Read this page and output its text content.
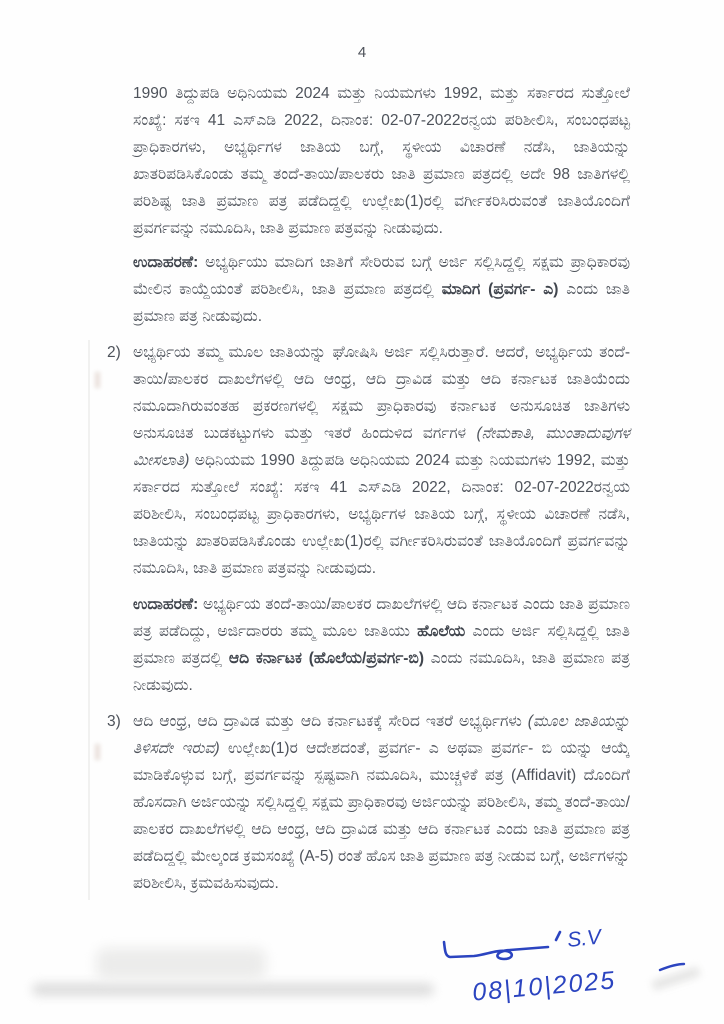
4

1990 ತಿದ್ದುಪಡಿ ಅಧಿನಿಯಮ 2024 ಮತ್ತು ನಿಯಮಗಳು 1992, ಮತ್ತು ಸರ್ಕಾರದ ಸುತ್ತೋಲೆ ಸಂಖ್ಯೆ: ಸಕಇ 41 ಎಸ್‌ಎಡಿ 2022, ದಿನಾಂಕ: 02-07-2022ರನ್ವಯ ಪರಿಶೀಲಿಸಿ, ಸಂಬಂಧಪಟ್ಟ ಪ್ರಾಧಿಕಾರಗಳು, ಅಭ್ಯರ್ಥಿಗಳ ಜಾತಿಯ ಬಗ್ಗೆ, ಸ್ಥಳೀಯ ವಿಚಾರಣೆ ನಡೆಸಿ, ಜಾತಿಯನ್ನು ಖಾತರಿಪಡಿಸಿಕೊಂಡು ತಮ್ಮ ತಂದೆ-ತಾಯಿ/ಪಾಲಕರು ಜಾತಿ ಪ್ರಮಾಣ ಪತ್ರದಲ್ಲಿ ಅದೇ 98 ಜಾತಿಗಳಲ್ಲಿ ಪರಿಶಿಷ್ಟ ಜಾತಿ ಪ್ರಮಾಣ ಪತ್ರ ಪಡೆದಿದ್ದಲ್ಲಿ ಉಲ್ಲೇಖ(1)ರಲ್ಲಿ ವರ್ಗೀಕರಿಸಿರುವಂತೆ ಜಾತಿಯೊಂದಿಗೆ ಪ್ರವರ್ಗವನ್ನು ನಮೂದಿಸಿ, ಜಾತಿ ಪ್ರಮಾಣ ಪತ್ರವನ್ನು ನೀಡುವುದು.

ಉದಾಹರಣೆ: ಅಭ್ಯರ್ಥಿಯು ಮಾದಿಗ ಜಾತಿಗೆ ಸೇರಿರುವ ಬಗ್ಗೆ ಅರ್ಜಿ ಸಲ್ಲಿಸಿದ್ದಲ್ಲಿ ಸಕ್ಷಮ ಪ್ರಾಧಿಕಾರವು ಮೇಲಿನ ಕಾಯ್ದೆಯಂತೆ ಪರಿಶೀಲಿಸಿ, ಜಾತಿ ಪ್ರಮಾಣ ಪತ್ರದಲ್ಲಿ ಮಾದಿಗ (ಪ್ರವರ್ಗ- ಎ) ಎಂದು ಜಾತಿ ಪ್ರಮಾಣ ಪತ್ರ ನೀಡುವುದು.

2) ಅಭ್ಯರ್ಥಿಯ ತಮ್ಮ ಮೂಲ ಜಾತಿಯನ್ನು ಘೋಷಿಸಿ ಅರ್ಜಿ ಸಲ್ಲಿಸಿರುತ್ತಾರೆ. ಆದರೆ, ಅಭ್ಯರ್ಥಿಯ ತಂದೆ-ತಾಯಿ/ಪಾಲಕರ ದಾಖಲೆಗಳಲ್ಲಿ ಆದಿ ಆಂಧ್ರ, ಆದಿ ದ್ರಾವಿಡ ಮತ್ತು ಆದಿ ಕರ್ನಾಟಕ ಜಾತಿಯೆಂದು ನಮೂದಾಗಿರುವಂತಹ ಪ್ರಕರಣಗಳಲ್ಲಿ ಸಕ್ಷಮ ಪ್ರಾಧಿಕಾರವು ಕರ್ನಾಟಕ ಅನುಸೂಚಿತ ಜಾತಿಗಳು ಅನುಸೂಚಿತ ಬುಡಕಟ್ಟುಗಳು ಮತ್ತು ಇತರೆ ಹಿಂದುಳಿದ ವರ್ಗಗಳ (ನೇಮಕಾತಿ, ಮುಂತಾದುವುಗಳ ಮೀಸಲಾತಿ) ಅಧಿನಿಯಮ 1990 ತಿದ್ದುಪಡಿ ಅಧಿನಿಯಮ 2024 ಮತ್ತು ನಿಯಮಗಳು 1992, ಮತ್ತು ಸರ್ಕಾರದ ಸುತ್ತೋಲೆ ಸಂಖ್ಯೆ: ಸಕಇ 41 ಎಸ್‌ಎಡಿ 2022, ದಿನಾಂಕ: 02-07-2022ರನ್ವಯ ಪರಿಶೀಲಿಸಿ, ಸಂಬಂಧಪಟ್ಟ ಪ್ರಾಧಿಕಾರಗಳು, ಅಭ್ಯರ್ಥಿಗಳ ಜಾತಿಯ ಬಗ್ಗೆ, ಸ್ಥಳೀಯ ವಿಚಾರಣೆ ನಡೆಸಿ, ಜಾತಿಯನ್ನು ಖಾತರಿಪಡಿಸಿಕೊಂಡು ಉಲ್ಲೇಖ(1)ರಲ್ಲಿ ವರ್ಗೀಕರಿಸಿರುವಂತೆ ಜಾತಿಯೊಂದಿಗೆ ಪ್ರವರ್ಗವನ್ನು ನಮೂದಿಸಿ, ಜಾತಿ ಪ್ರಮಾಣ ಪತ್ರವನ್ನು ನೀಡುವುದು.

ಉದಾಹರಣೆ: ಅಭ್ಯರ್ಥಿಯ ತಂದೆ-ತಾಯಿ/ಪಾಲಕರ ದಾಖಲೆಗಳಲ್ಲಿ ಆದಿ ಕರ್ನಾಟಕ ಎಂದು ಜಾತಿ ಪ್ರಮಾಣ ಪತ್ರ ಪಡೆದಿದ್ದು, ಅರ್ಜಿದಾರರು ತಮ್ಮ ಮೂಲ ಜಾತಿಯು ಹೊಲೆಯ ಎಂದು ಅರ್ಜಿ ಸಲ್ಲಿಸಿದ್ದಲ್ಲಿ ಜಾತಿ ಪ್ರಮಾಣ ಪತ್ರದಲ್ಲಿ ಆದಿ ಕರ್ನಾಟಕ (ಹೊಲೆಯ/ಪ್ರವರ್ಗ-ಬಿ) ಎಂದು ನಮೂದಿಸಿ, ಜಾತಿ ಪ್ರಮಾಣ ಪತ್ರ ನೀಡುವುದು.

3) ಆದಿ ಆಂಧ್ರ, ಆದಿ ದ್ರಾವಿಡ ಮತ್ತು ಆದಿ ಕರ್ನಾಟಕಕ್ಕೆ ಸೇರಿದ ಇತರೆ ಅಭ್ಯರ್ಥಿಗಳು (ಮೂಲ ಜಾತಿಯನ್ನು ತಿಳಿಸದೇ ಇರುವ) ಉಲ್ಲೇಖ(1)ರ ಆದೇಶದಂತೆ, ಪ್ರವರ್ಗ- ಎ ಅಥವಾ ಪ್ರವರ್ಗ- ಬಿ ಯನ್ನು ಆಯ್ಕೆ ಮಾಡಿಕೊಳ್ಳುವ ಬಗ್ಗೆ, ಪ್ರವರ್ಗವನ್ನು ಸ್ಪಷ್ಟವಾಗಿ ನಮೂದಿಸಿ, ಮುಚ್ಚಳಿಕೆ ಪತ್ರ (Affidavit) ದೊಂದಿಗೆ ಹೊಸದಾಗಿ ಅರ್ಜಿಯನ್ನು ಸಲ್ಲಿಸಿದ್ದಲ್ಲಿ ಸಕ್ಷಮ ಪ್ರಾಧಿಕಾರವು ಅರ್ಜಿಯನ್ನು ಪರಿಶೀಲಿಸಿ, ತಮ್ಮ ತಂದೆ-ತಾಯಿ/ಪಾಲಕರ ದಾಖಲೆಗಳಲ್ಲಿ ಆದಿ ಆಂಧ್ರ, ಆದಿ ದ್ರಾವಿಡ ಮತ್ತು ಆದಿ ಕರ್ನಾಟಕ ಎಂದು ಜಾತಿ ಪ್ರಮಾಣ ಪತ್ರ ಪಡೆದಿದ್ದಲ್ಲಿ ಮೇಲ್ಕಂಡ ಕ್ರಮಸಂಖ್ಯೆ (A-5) ರಂತೆ ಹೊಸ ಜಾತಿ ಪ್ರಮಾಣ ಪತ್ರ ನೀಡುವ ಬಗ್ಗೆ, ಅರ್ಜಿಗಳನ್ನು ಪರಿಶೀಲಿಸಿ, ಕ್ರಮವಹಿಸುವುದು.

S.V
08|10|2025
